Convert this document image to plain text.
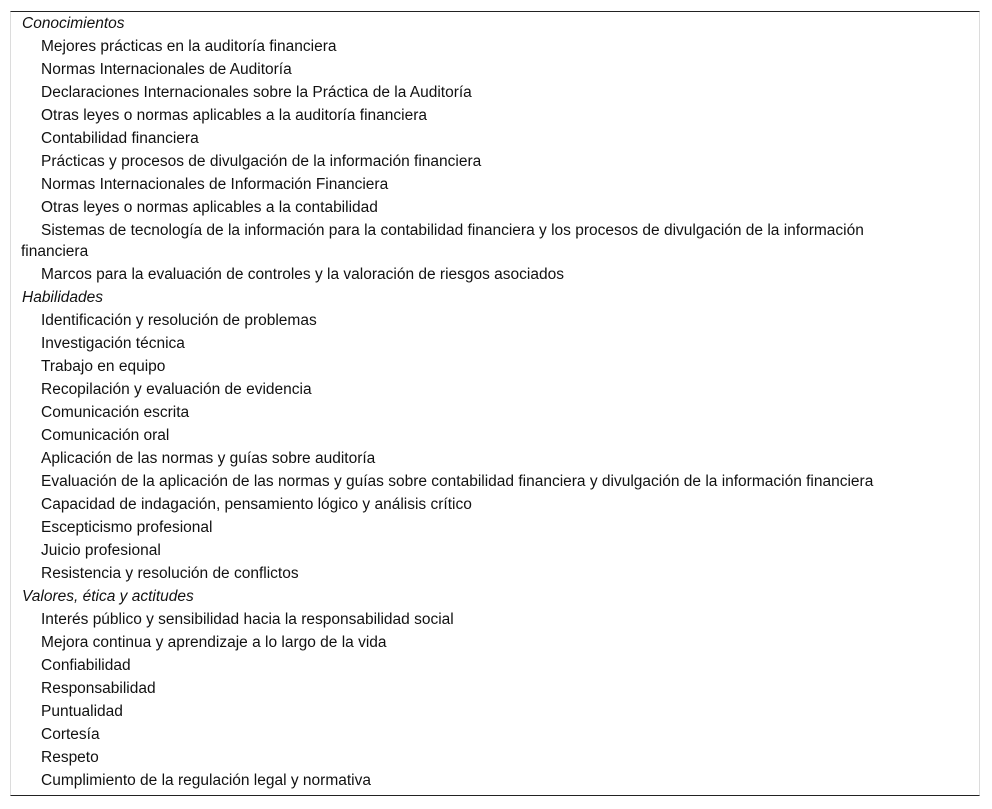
Conocimientos

Mejores prácticas en la auditoría financiera

Normas Internacionales de Auditoría

Declaraciones Internacionales sobre la Práctica de la Auditoría

Otras leyes o normas aplicables a la auditoría financiera

Contabilidad financiera

Prácticas y procesos de divulgación de la información financiera

Normas Internacionales de Información Financiera

Otras leyes o normas aplicables a la contabilidad

Sistemas de tecnología de la información para la contabilidad financiera y los procesos de divulgación de la información financiera

Marcos para la evaluación de controles y la valoración de riesgos asociados

Habilidades

Identificación y resolución de problemas

Investigación técnica

Trabajo en equipo

Recopilación y evaluación de evidencia

Comunicación escrita

Comunicación oral

Aplicación de las normas y guías sobre auditoría

Evaluación de la aplicación de las normas y guías sobre contabilidad financiera y divulgación de la información financiera

Capacidad de indagación, pensamiento lógico y análisis crítico

Escepticismo profesional

Juicio profesional

Resistencia y resolución de conflictos

Valores, ética y actitudes

Interés público y sensibilidad hacia la responsabilidad social

Mejora continua y aprendizaje a lo largo de la vida

Confiabilidad

Responsabilidad

Puntualidad

Cortesía

Respeto

Cumplimiento de la regulación legal y normativa
